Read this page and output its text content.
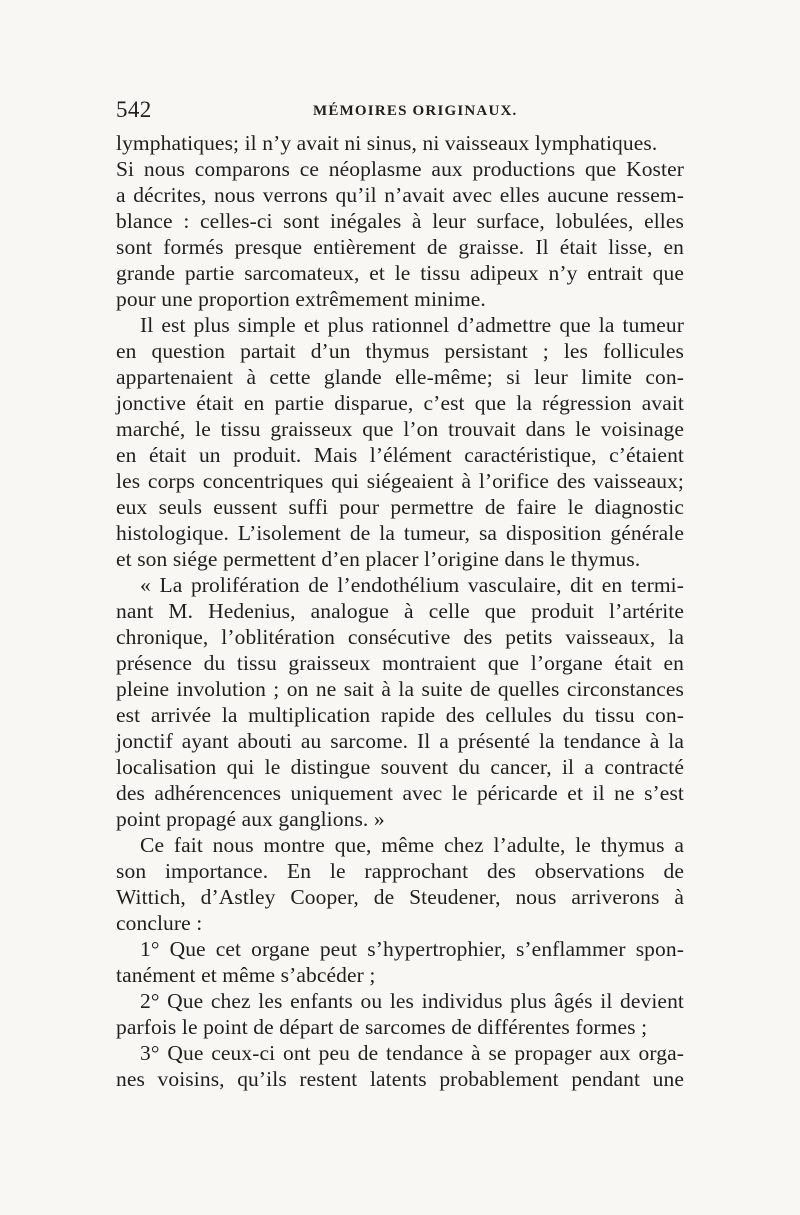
542	MÉMOIRES ORIGINAUX.
lymphatiques; il n’y avait ni sinus, ni vaisseaux lymphatiques.
Si nous comparons ce néoplasme aux productions que Koster
a décrites, nous verrons qu’il n’avait avec elles aucune ressem-
blance : celles-ci sont inégales à leur surface, lobulées, elles
sont formés presque entièrement de graisse. Il était lisse, en
grande partie sarcomateux, et le tissu adipeux n’y entrait que
pour une proportion extrêmement minime.
Il est plus simple et plus rationnel d’admettre que la tumeur
en question partait d’un thymus persistant ; les follicules
appartenaient à cette glande elle-même; si leur limite con-
jonctive était en partie disparue, c’est que la régression avait
marché, le tissu graisseux que l’on trouvait dans le voisinage
en était un produit. Mais l’élément caractéristique, c’étaient
les corps concentriques qui siégeaient à l’orifice des vaisseaux;
eux seuls eussent suffi pour permettre de faire le diagnostic
histologique. L’isolement de la tumeur, sa disposition générale
et son siége permettent d’en placer l’origine dans le thymus.
« La prolifération de l’endothélium vasculaire, dit en termi-
nant M. Hedenius, analogue à celle que produit l’artérite
chronique, l’oblitération consécutive des petits vaisseaux, la
présence du tissu graisseux montraient que l’organe était en
pleine involution ; on ne sait à la suite de quelles circonstances
est arrivée la multiplication rapide des cellules du tissu con-
jonctif ayant abouti au sarcome. Il a présenté la tendance à la
localisation qui le distingue souvent du cancer, il a contracté
des adhérencences uniquement avec le péricarde et il ne s’est
point propagé aux ganglions. »
Ce fait nous montre que, même chez l’adulte, le thymus a
son importance. En le rapprochant des observations de
Wittich, d’Astley Cooper, de Steudener, nous arriverons à
conclure :
1° Que cet organe peut s’hypertrophier, s’enflammer spon-
tanément et même s’abcéder ;
2° Que chez les enfants ou les individus plus âgés il devient
parfois le point de départ de sarcomes de différentes formes ;
3° Que ceux-ci ont peu de tendance à se propager aux orga-
nes voisins, qu’ils restent latents probablement pendant une
